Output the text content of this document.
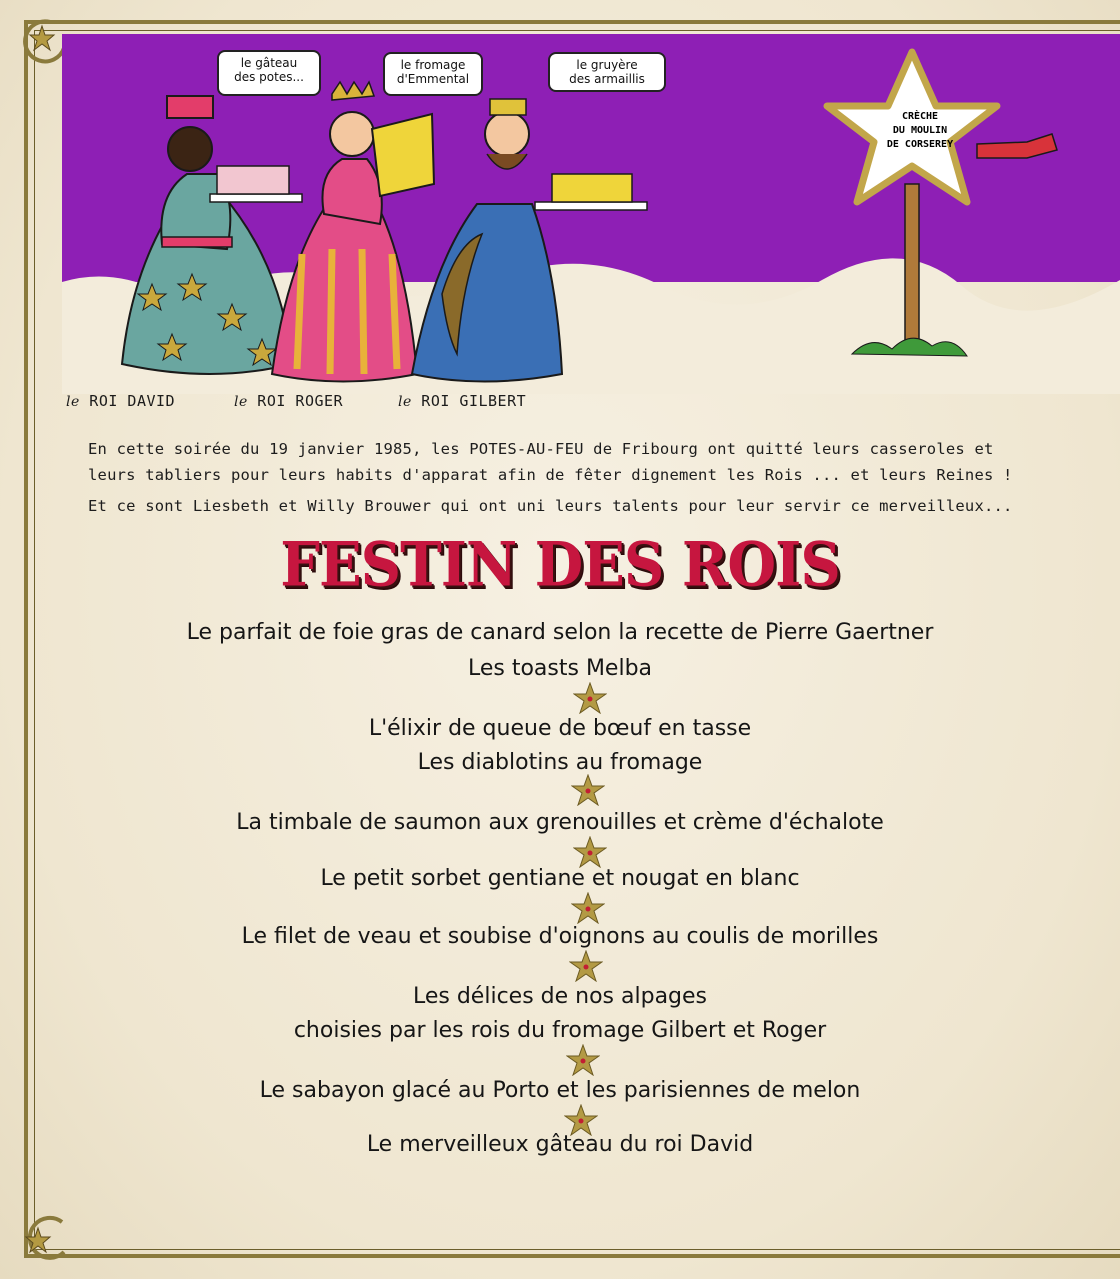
le gâteau
des potes...
le fromage
d'Emmental
le gruyère
des armaillis
CRÈCHE
DU MOULIN
DE CORSEREY
le ROI DAVID	le ROI ROGER	le ROI GILBERT
En cette soirée du 19 janvier 1985, les POTES-AU-FEU de Fribourg ont quitté leurs casseroles et
leurs tabliers pour leurs habits d'apparat afin de fêter dignement les Rois ... et leurs Reines !
Et ce sont Liesbeth et Willy Brouwer qui ont uni leurs talents pour leur servir ce merveilleux...
FESTIN DES ROIS
Le parfait de foie gras de canard selon la recette de Pierre Gaertner
Les toasts Melba
L'élixir de queue de bœuf en tasse
Les diablotins au fromage
La timbale de saumon aux grenouilles et crème d'échalote
Le petit sorbet gentiane et nougat en blanc
Le filet de veau et soubise d'oignons au coulis de morilles
Les délices de nos alpages
choisies par les rois du fromage Gilbert et Roger
Le sabayon glacé au Porto et les parisiennes de melon
Le merveilleux gâteau du roi David
